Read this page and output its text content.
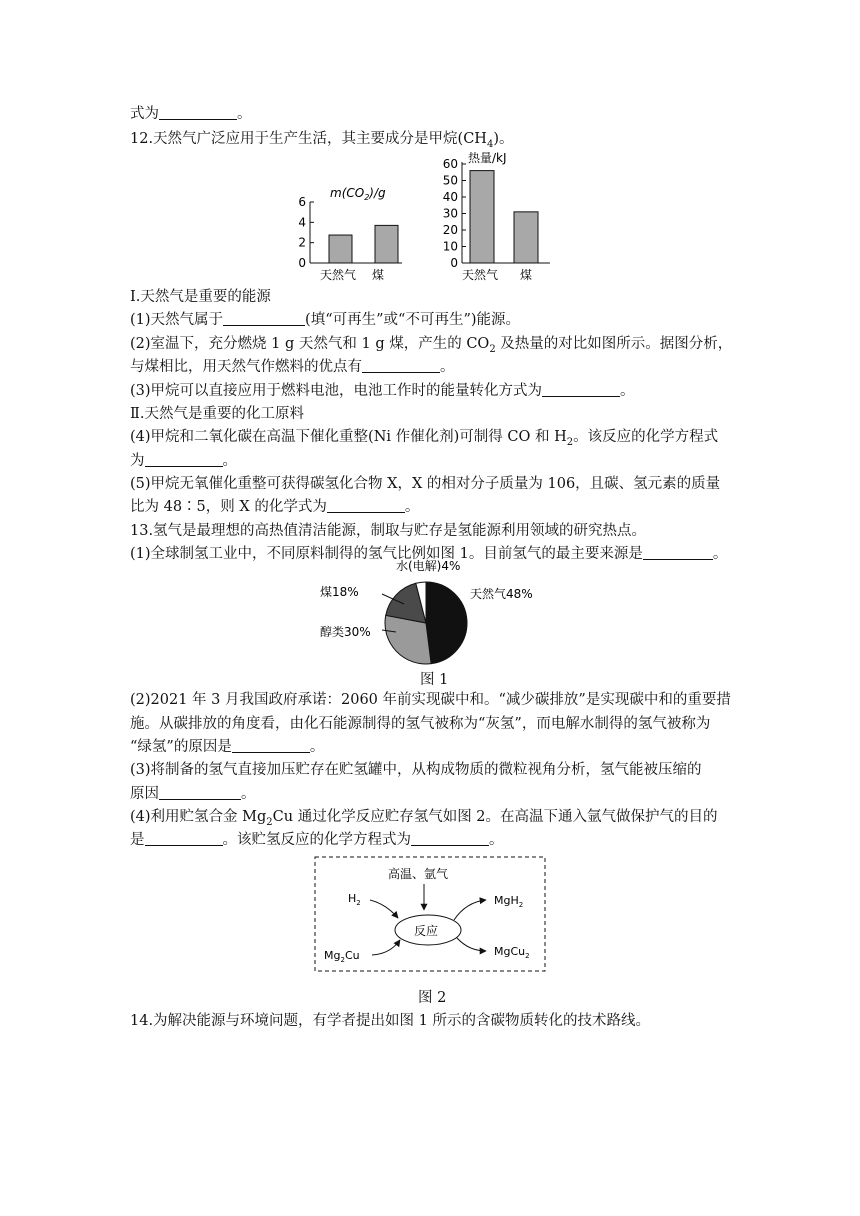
式为	。
12.天然气广泛应用于生产生活，其主要成分是甲烷$(CH_4)$。
$m(CO_2)/g$
0
2
4
6
天然气 煤
热量/kJ
0
10
20
30
40
50
60
天然气 煤
Ⅰ.天然气是重要的能源
(1)天然气属于	(填“可再生”或“不可再生”)能源。
(2)室温下，充分燃烧 1 g 天然气和 1 g 煤，产生的 $CO_2$ 及热量的对比如图所示。据图分析，
与煤相比，用天然气作燃料的优点有	。
(3)甲烷可以直接应用于燃料电池，电池工作时的能量转化方式为	。
Ⅱ.天然气是重要的化工原料
(4)甲烷和二氧化碳在高温下催化重整(Ni 作催化剂)可制得 CO 和 $H_2$。该反应的化学方程式
为	。
(5)甲烷无氧催化重整可获得碳氢化合物 X，X 的相对分子质量为 106，且碳、氢元素的质量
比为 48∶5，则 X 的化学式为	。
13.氢气是最理想的高热值清洁能源，制取与贮存是氢能源利用领域的研究热点。
(1)全球制氢工业中，不同原料制得的氢气比例如图 1。目前氢气的最主要来源是	。
天然气48%
醇类30%
煤18%
水(电解)4%
图 1
(2)2021 年 3 月我国政府承诺：2060 年前实现碳中和。“减少碳排放”是实现碳中和的重要措
施。从碳排放的角度看，由化石能源制得的氢气被称为“灰氢”，而电解水制得的氢气被称为
“绿氢”的原因是	。
(3)将制备的氢气直接加压贮存在贮氢罐中，从构成物质的微粒视角分析，氢气能被压缩的
原因	。
(4)利用贮氢合金 $Mg_2Cu$ 通过化学反应贮存氢气如图 2。在高温下通入氩气做保护气的目的
是	。该贮氢反应的化学方程式为	。
高温、氩气
$H_2$
$Mg_2Cu$
反应
MgH$_2$
MgCu$_2$
图 2
14.为解决能源与环境问题，有学者提出如图 1 所示的含碳物质转化的技术路线。
